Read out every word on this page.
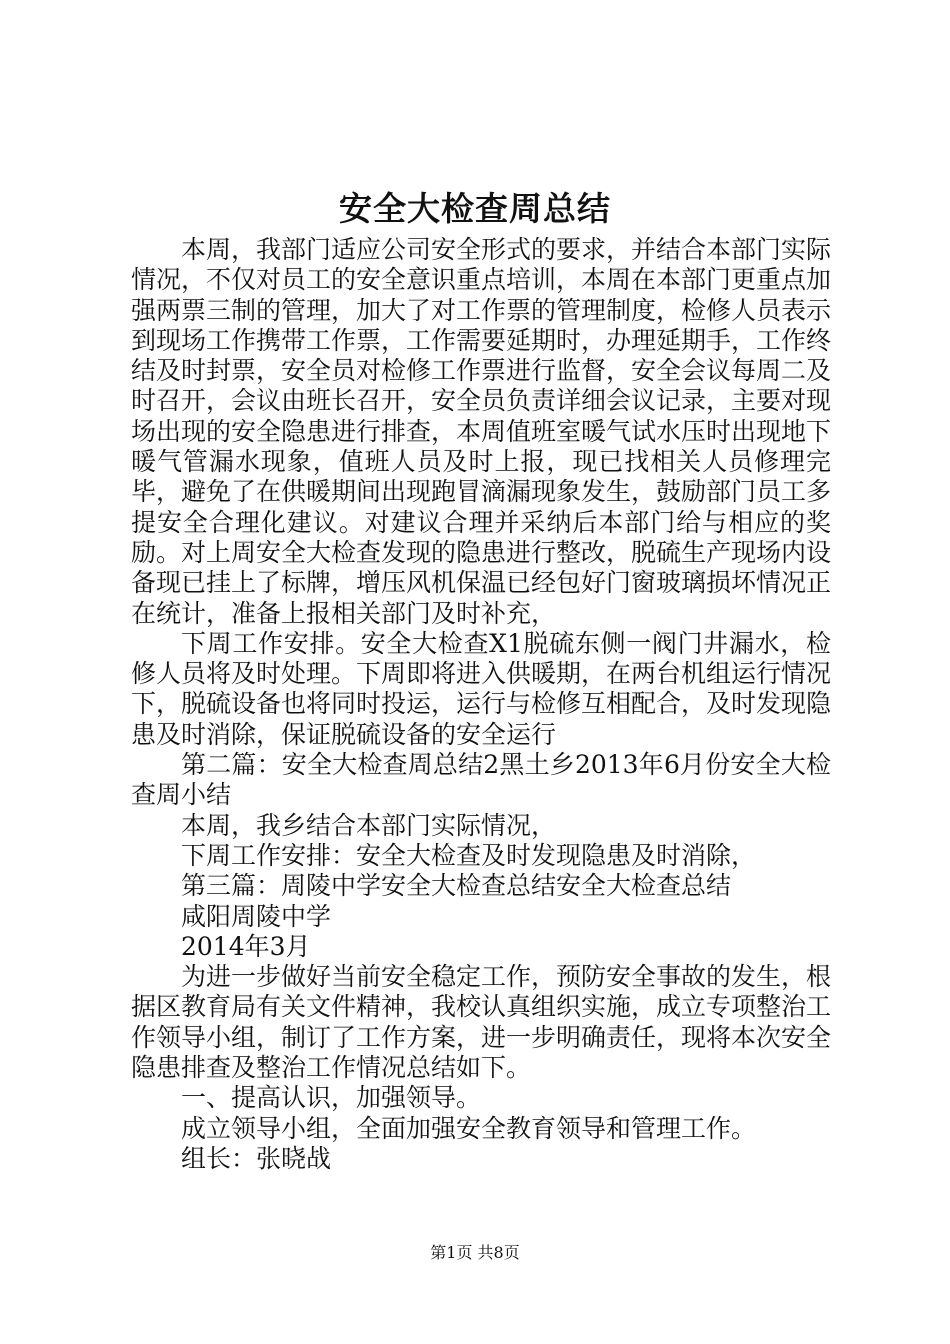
安全大检查周总结

本周，我部门适应公司安全形式的要求，并结合本部门实际情况，不仅对员工的安全意识重点培训，本周在本部门更重点加强两票三制的管理，加大了对工作票的管理制度，检修人员表示到现场工作携带工作票，工作需要延期时，办理延期手，工作终结及时封票，安全员对检修工作票进行监督，安全会议每周二及时召开，会议由班长召开，安全员负责详细会议记录，主要对现场出现的安全隐患进行排查，本周值班室暖气试水压时出现地下暖气管漏水现象，值班人员及时上报，现已找相关人员修理完毕，避免了在供暖期间出现跑冒滴漏现象发生，鼓励部门员工多提安全合理化建议。对建议合理并采纳后本部门给与相应的奖励。对上周安全大检查发现的隐患进行整改，脱硫生产现场内设备现已挂上了标牌，增压风机保温已经包好门窗玻璃损坏情况正在统计，准备上报相关部门及时补充，

下周工作安排。安全大检查X1脱硫东侧一阀门井漏水，检修人员将及时处理。下周即将进入供暖期，在两台机组运行情况下，脱硫设备也将同时投运，运行与检修互相配合，及时发现隐患及时消除，保证脱硫设备的安全运行

第二篇：安全大检查周总结2黑土乡2013年6月份安全大检查周小结

本周，我乡结合本部门实际情况，

下周工作安排：安全大检查及时发现隐患及时消除，

第三篇：周陵中学安全大检查总结安全大检查总结

咸阳周陵中学

2014年3月

为进一步做好当前安全稳定工作，预防安全事故的发生，根据区教育局有关文件精神，我校认真组织实施，成立专项整治工作领导小组，制订了工作方案，进一步明确责任，现将本次安全隐患排查及整治工作情况总结如下。

一、提高认识，加强领导。

成立领导小组，全面加强安全教育领导和管理工作。

组长：张晓战

第1页 共8页
